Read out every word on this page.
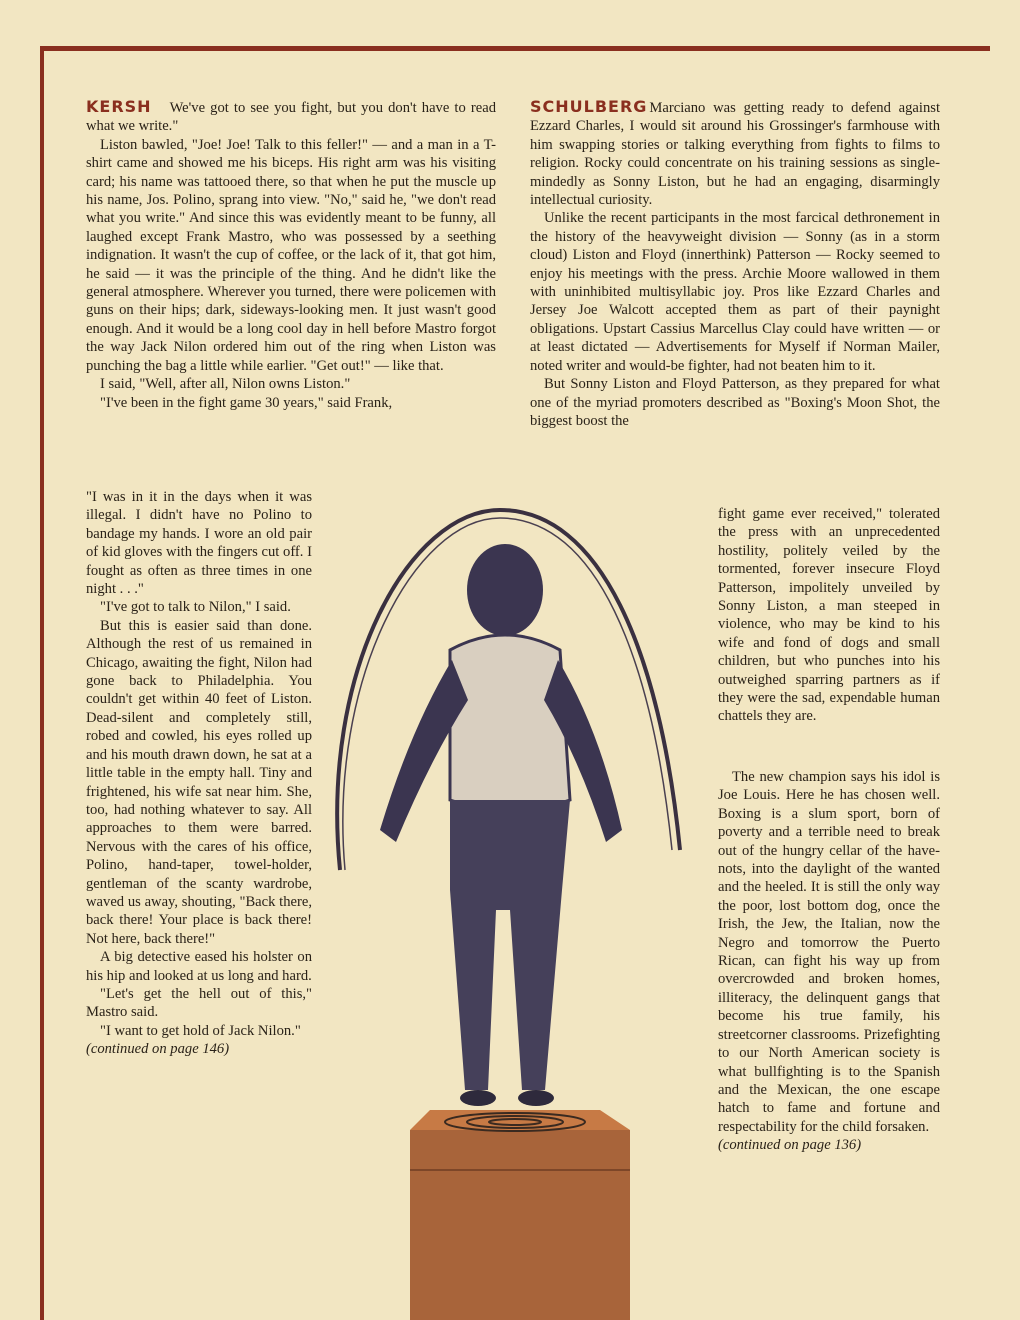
KERSH We've got to see you fight, but you don't have to read what we write."

Liston bawled, "Joe! Joe! Talk to this feller!" — and a man in a T-shirt came and showed me his biceps. His right arm was his visiting card; his name was tattooed there, so that when he put the muscle up his name, Jos. Polino, sprang into view. "No," said he, "we don't read what you write." And since this was evidently meant to be funny, all laughed except Frank Mastro, who was possessed by a seething indignation. It wasn't the cup of coffee, or the lack of it, that got him, he said — it was the principle of the thing. And he didn't like the general atmosphere. Wherever you turned, there were policemen with guns on their hips; dark, sideways-looking men. It just wasn't good enough. And it would be a long cool day in hell before Mastro forgot the way Jack Nilon ordered him out of the ring when Liston was punching the bag a little while earlier. "Get out!" — like that.

I said, "Well, after all, Nilon owns Liston."

"I've been in the fight game 30 years," said Frank,

"I was in it in the days when it was illegal. I didn't have no Polino to bandage my hands. I wore an old pair of kid gloves with the fingers cut off. I fought as often as three times in one night . . ."

"I've got to talk to Nilon," I said.

But this is easier said than done. Although the rest of us remained in Chicago, awaiting the fight, Nilon had gone back to Philadelphia. You couldn't get within 40 feet of Liston. Dead-silent and completely still, robed and cowled, his eyes rolled up and his mouth drawn down, he sat at a little table in the empty hall. Tiny and frightened, his wife sat near him. She, too, had nothing whatever to say. All approaches to them were barred. Nervous with the cares of his office, Polino, hand-taper, towel-holder, gentleman of the scanty wardrobe, waved us away, shouting, "Back there, back there! Your place is back there! Not here, back there!"

A big detective eased his holster on his hip and looked at us long and hard.

"Let's get the hell out of this," Mastro said.

"I want to get hold of Jack Nilon."

(continued on page 146)

SCHULBERG Marciano was getting ready to defend against Ezzard Charles, I would sit around his Grossinger's farmhouse with him swapping stories or talking everything from fights to films to religion. Rocky could concentrate on his training sessions as single-mindedly as Sonny Liston, but he had an engaging, disarmingly intellectual curiosity.

Unlike the recent participants in the most farcical dethronement in the history of the heavyweight division — Sonny (as in a storm cloud) Liston and Floyd (innerthink) Patterson — Rocky seemed to enjoy his meetings with the press. Archie Moore wallowed in them with uninhibited multisyllabic joy. Pros like Ezzard Charles and Jersey Joe Walcott accepted them as part of their paynight obligations. Upstart Cassius Marcellus Clay could have written — or at least dictated — Advertisements for Myself if Norman Mailer, noted writer and would-be fighter, had not beaten him to it.

But Sonny Liston and Floyd Patterson, as they prepared for what one of the myriad promoters described as "Boxing's Moon Shot, the biggest boost the

fight game ever received," tolerated the press with an unprecedented hostility, politely veiled by the tormented, forever insecure Floyd Patterson, impolitely unveiled by Sonny Liston, a man steeped in violence, who may be kind to his wife and fond of dogs and small children, but who punches into his outweighed sparring partners as if they were the sad, expendable human chattels they are.

The new champion says his idol is Joe Louis. Here he has chosen well. Boxing is a slum sport, born of poverty and a terrible need to break out of the hungry cellar of the have-nots, into the daylight of the wanted and the heeled. It is still the only way the poor, lost bottom dog, once the Irish, the Jew, the Italian, now the Negro and tomorrow the Puerto Rican, can fight his way up from overcrowded and broken homes, illiteracy, the delinquent gangs that become his true family, his streetcorner classrooms. Prizefighting to our North American society is what bullfighting is to the Spanish and the Mexican, the one escape hatch to fame and fortune and respectability for the child forsaken.

(continued on page 136)
